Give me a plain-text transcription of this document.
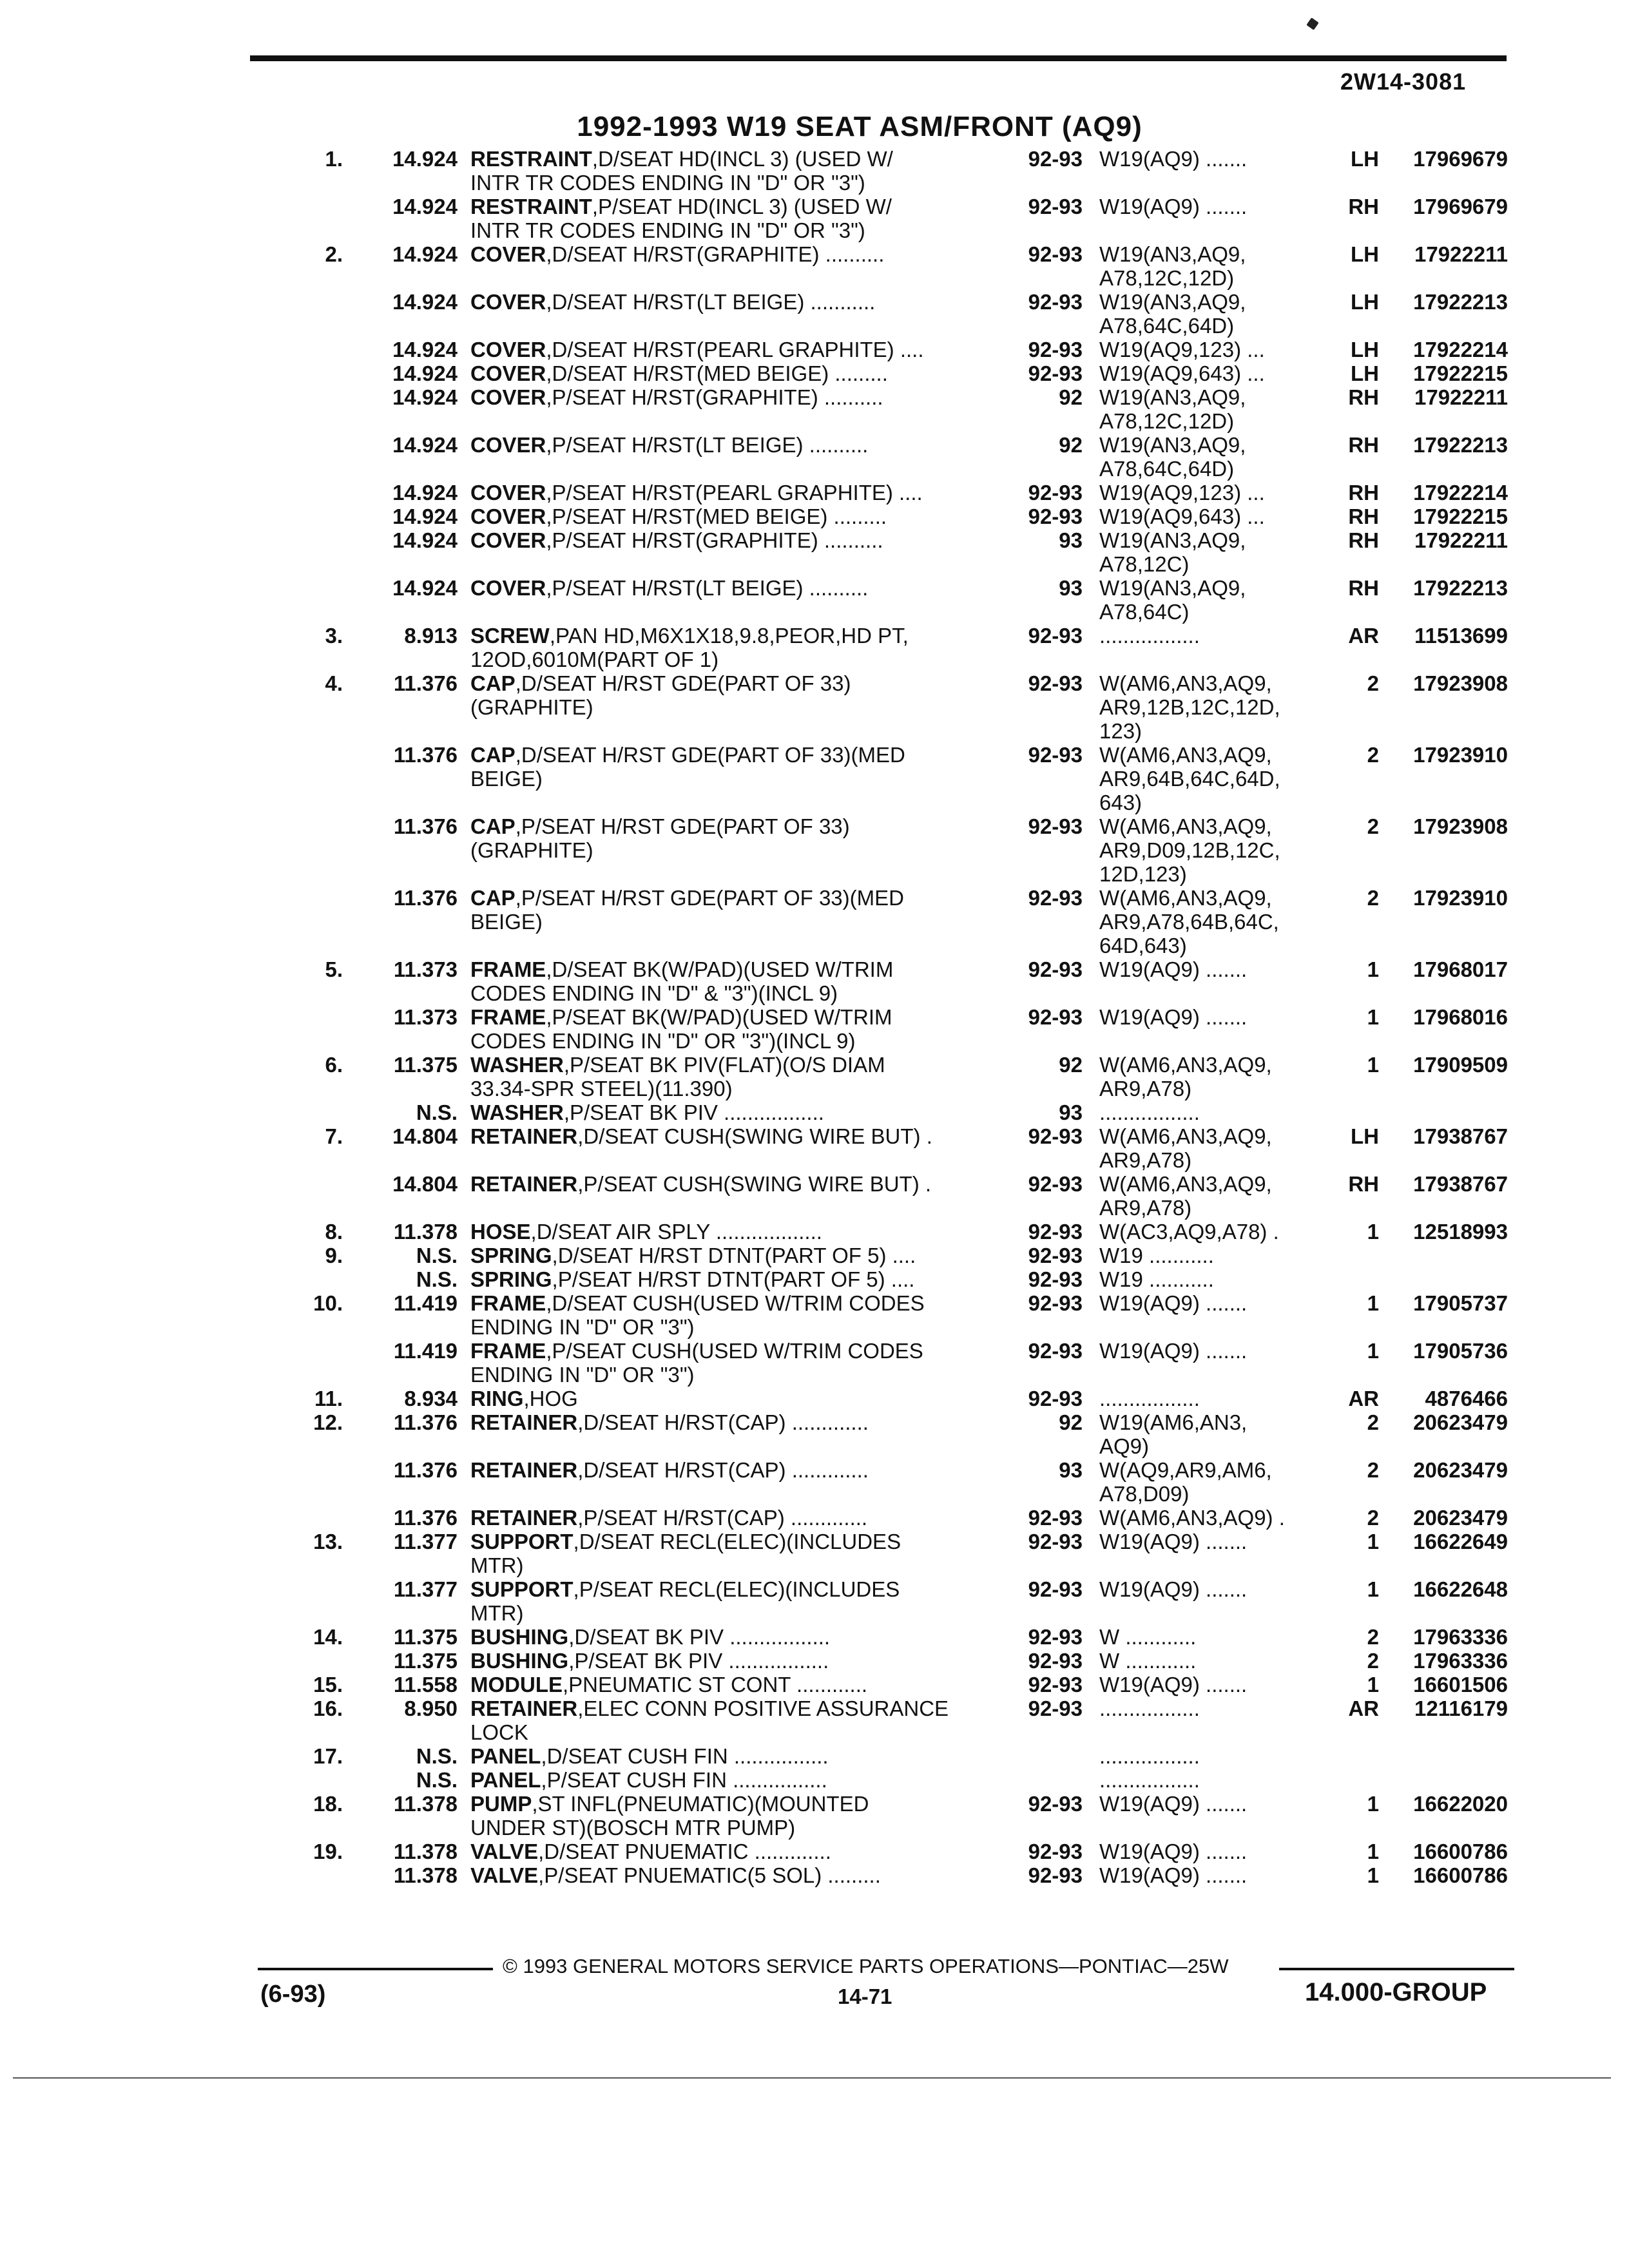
2W14-3081
1992-1993 W19 SEAT ASM/FRONT (AQ9)
1.	14.924 RESTRAINT,D/SEAT HD(INCL 3) (USED W/
INTR TR CODES ENDING IN "D" OR "3")
92-93 W19(AQ9) .......	LH	17969679
14.924 RESTRAINT,P/SEAT HD(INCL 3) (USED W/
INTR TR CODES ENDING IN "D" OR "3")
92-93 W19(AQ9) .......	RH	17969679
2.	14.924 COVER,D/SEAT H/RST(GRAPHITE) ..........	92-93 W19(AN3,AQ9,
A78,12C,12D)
LH	17922211
14.924 COVER,D/SEAT H/RST(LT BEIGE) ...........	92-93 W19(AN3,AQ9,
A78,64C,64D)
LH	17922213
14.924 COVER,D/SEAT H/RST(PEARL GRAPHITE) ....	92-93 W19(AQ9,123) ...	LH	17922214
14.924 COVER,D/SEAT H/RST(MED BEIGE) .........	92-93 W19(AQ9,643) ...	LH	17922215
14.924 COVER,P/SEAT H/RST(GRAPHITE) ..........	92 W19(AN3,AQ9,
A78,12C,12D)
RH	17922211
14.924 COVER,P/SEAT H/RST(LT BEIGE) ..........	92 W19(AN3,AQ9,
A78,64C,64D)
RH	17922213
14.924 COVER,P/SEAT H/RST(PEARL GRAPHITE) ....	92-93 W19(AQ9,123) ...	RH	17922214
14.924 COVER,P/SEAT H/RST(MED BEIGE) .........	92-93 W19(AQ9,643) ...	RH	17922215
14.924 COVER,P/SEAT H/RST(GRAPHITE) ..........	93 W19(AN3,AQ9,
A78,12C)
RH	17922211
14.924 COVER,P/SEAT H/RST(LT BEIGE) ..........	93 W19(AN3,AQ9,
A78,64C)
RH	17922213
3.	8.913 SCREW,PAN HD,M6X1X18,9.8,PEOR,HD PT,
12OD,6010M(PART OF 1)
92-93 .................	AR	11513699
4.	11.376 CAP,D/SEAT H/RST GDE(PART OF 33)
(GRAPHITE)
92-93 W(AM6,AN3,AQ9,
AR9,12B,12C,12D,
123)
2	17923908
11.376 CAP,D/SEAT H/RST GDE(PART OF 33)(MED
BEIGE)
92-93 W(AM6,AN3,AQ9,
AR9,64B,64C,64D,
643)
2	17923910
11.376 CAP,P/SEAT H/RST GDE(PART OF 33)
(GRAPHITE)
92-93 W(AM6,AN3,AQ9,
AR9,D09,12B,12C,
12D,123)
2	17923908
11.376 CAP,P/SEAT H/RST GDE(PART OF 33)(MED
BEIGE)
92-93 W(AM6,AN3,AQ9,
AR9,A78,64B,64C,
64D,643)
2	17923910
5.	11.373 FRAME,D/SEAT BK(W/PAD)(USED W/TRIM
CODES ENDING IN "D" & "3")(INCL 9)
92-93 W19(AQ9) .......	1	17968017
11.373 FRAME,P/SEAT BK(W/PAD)(USED W/TRIM
CODES ENDING IN "D" OR "3")(INCL 9)
92-93 W19(AQ9) .......	1	17968016
6.	11.375 WASHER,P/SEAT BK PIV(FLAT)(O/S DIAM
33.34-SPR STEEL)(11.390)
92 W(AM6,AN3,AQ9,
AR9,A78)
1	17909509
N.S. WASHER,P/SEAT BK PIV .................	93 .................
7.	14.804 RETAINER,D/SEAT CUSH(SWING WIRE BUT) .	92-93 W(AM6,AN3,AQ9,
AR9,A78)
LH	17938767
14.804 RETAINER,P/SEAT CUSH(SWING WIRE BUT) .	92-93 W(AM6,AN3,AQ9,
AR9,A78)
RH	17938767
8.	11.378 HOSE,D/SEAT AIR SPLY ..................	92-93 W(AC3,AQ9,A78) .	1	12518993
9.	N.S. SPRING,D/SEAT H/RST DTNT(PART OF 5) ....	92-93 W19 ...........
N.S. SPRING,P/SEAT H/RST DTNT(PART OF 5) ....	92-93 W19 ...........
10.	11.419 FRAME,D/SEAT CUSH(USED W/TRIM CODES
ENDING IN "D" OR "3")
92-93 W19(AQ9) .......	1	17905737
11.419 FRAME,P/SEAT CUSH(USED W/TRIM CODES
ENDING IN "D" OR "3")
92-93 W19(AQ9) .......	1	17905736
11.	8.934 RING,HOG	92-93 .................	AR	4876466
12.	11.376 RETAINER,D/SEAT H/RST(CAP) .............	92 W19(AM6,AN3,
AQ9)
2	20623479
11.376 RETAINER,D/SEAT H/RST(CAP) .............	93 W(AQ9,AR9,AM6,
A78,D09)
2	20623479
11.376 RETAINER,P/SEAT H/RST(CAP) .............	92-93 W(AM6,AN3,AQ9) .	2	20623479
13.	11.377 SUPPORT,D/SEAT RECL(ELEC)(INCLUDES
MTR)
92-93 W19(AQ9) .......	1	16622649
11.377 SUPPORT,P/SEAT RECL(ELEC)(INCLUDES
MTR)
92-93 W19(AQ9) .......	1	16622648
14.	11.375 BUSHING,D/SEAT BK PIV .................	92-93 W ............	2	17963336
11.375 BUSHING,P/SEAT BK PIV .................	92-93 W ............	2	17963336
15.	11.558 MODULE,PNEUMATIC ST CONT ............	92-93 W19(AQ9) .......	1	16601506
16.	8.950 RETAINER,ELEC CONN POSITIVE ASSURANCE
LOCK
92-93 .................	AR	12116179
17.	N.S. PANEL,D/SEAT CUSH FIN ................	.................
N.S. PANEL,P/SEAT CUSH FIN ................	.................
18.	11.378 PUMP,ST INFL(PNEUMATIC)(MOUNTED
UNDER ST)(BOSCH MTR PUMP)
92-93 W19(AQ9) .......	1	16622020
19.	11.378 VALVE,D/SEAT PNUEMATIC .............	92-93 W19(AQ9) .......	1	16600786
11.378 VALVE,P/SEAT PNUEMATIC(5 SOL) .........	92-93 W19(AQ9) .......	1	16600786
© 1993 GENERAL MOTORS SERVICE PARTS OPERATIONS—PONTIAC—25W
(6-93)	14-71	14.000-GROUP
